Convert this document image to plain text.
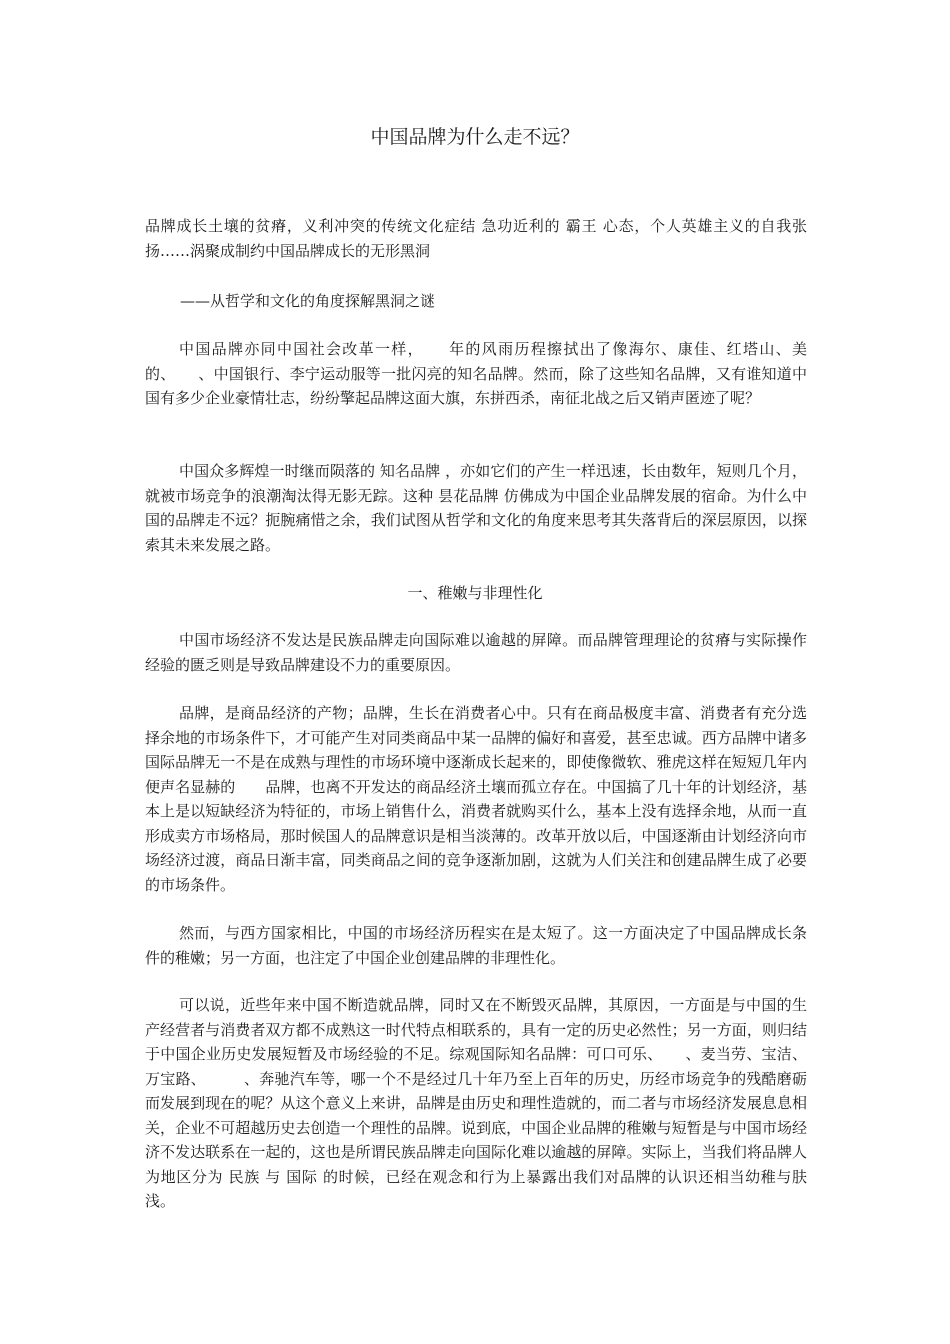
中国品牌为什么走不远？

品牌成长土壤的贫瘠，义利冲突的传统文化症结 急功近利的 霸王 心态，个人英雄主义的自我张扬……涡聚成制约中国品牌成长的无形黑洞

——从哲学和文化的角度探解黑洞之谜

中国品牌亦同中国社会改革一样，　　年的风雨历程擦拭出了像海尔、康佳、红塔山、美的、　　、中国银行、李宁运动服等一批闪亮的知名品牌。然而，除了这些知名品牌，又有谁知道中国有多少企业豪情壮志，纷纷擎起品牌这面大旗，东拼西杀，南征北战之后又销声匿迹了呢？

中国众多辉煌一时继而陨落的 知名品牌 ，亦如它们的产生一样迅速，长由数年，短则几个月，就被市场竞争的浪潮淘汰得无影无踪。这种 昙花品牌 仿佛成为中国企业品牌发展的宿命。为什么中国的品牌走不远？扼腕痛惜之余，我们试图从哲学和文化的角度来思考其失落背后的深层原因，以探索其未来发展之路。

一、稚嫩与非理性化

中国市场经济不发达是民族品牌走向国际难以逾越的屏障。而品牌管理理论的贫瘠与实际操作经验的匮乏则是导致品牌建设不力的重要原因。

品牌，是商品经济的产物；品牌，生长在消费者心中。只有在商品极度丰富、消费者有充分选择余地的市场条件下，才可能产生对同类商品中某一品牌的偏好和喜爱，甚至忠诚。西方品牌中诸多国际品牌无一不是在成熟与理性的市场环境中逐渐成长起来的，即使像微软、雅虎这样在短短几年内便声名显赫的　　品牌，也离不开发达的商品经济土壤而孤立存在。中国搞了几十年的计划经济，基本上是以短缺经济为特征的，市场上销售什么，消费者就购买什么，基本上没有选择余地，从而一直形成卖方市场格局，那时候国人的品牌意识是相当淡薄的。改革开放以后，中国逐渐由计划经济向市场经济过渡，商品日渐丰富，同类商品之间的竞争逐渐加剧，这就为人们关注和创建品牌生成了必要的市场条件。

然而，与西方国家相比，中国的市场经济历程实在是太短了。这一方面决定了中国品牌成长条件的稚嫩；另一方面，也注定了中国企业创建品牌的非理性化。

可以说，近些年来中国不断造就品牌，同时又在不断毁灭品牌，其原因，一方面是与中国的生产经营者与消费者双方都不成熟这一时代特点相联系的，具有一定的历史必然性；另一方面，则归结于中国企业历史发展短暂及市场经验的不足。综观国际知名品牌：可口可乐、　　、麦当劳、宝洁、万宝路、　　　、奔驰汽车等，哪一个不是经过几十年乃至上百年的历史，历经市场竞争的残酷磨砺而发展到现在的呢？从这个意义上来讲，品牌是由历史和理性造就的，而二者与市场经济发展息息相关，企业不可超越历史去创造一个理性的品牌。说到底，中国企业品牌的稚嫩与短暂是与中国市场经济不发达联系在一起的，这也是所谓民族品牌走向国际化难以逾越的屏障。实际上，当我们将品牌人为地区分为 民族 与 国际 的时候，已经在观念和行为上暴露出我们对品牌的认识还相当幼稚与肤浅。
